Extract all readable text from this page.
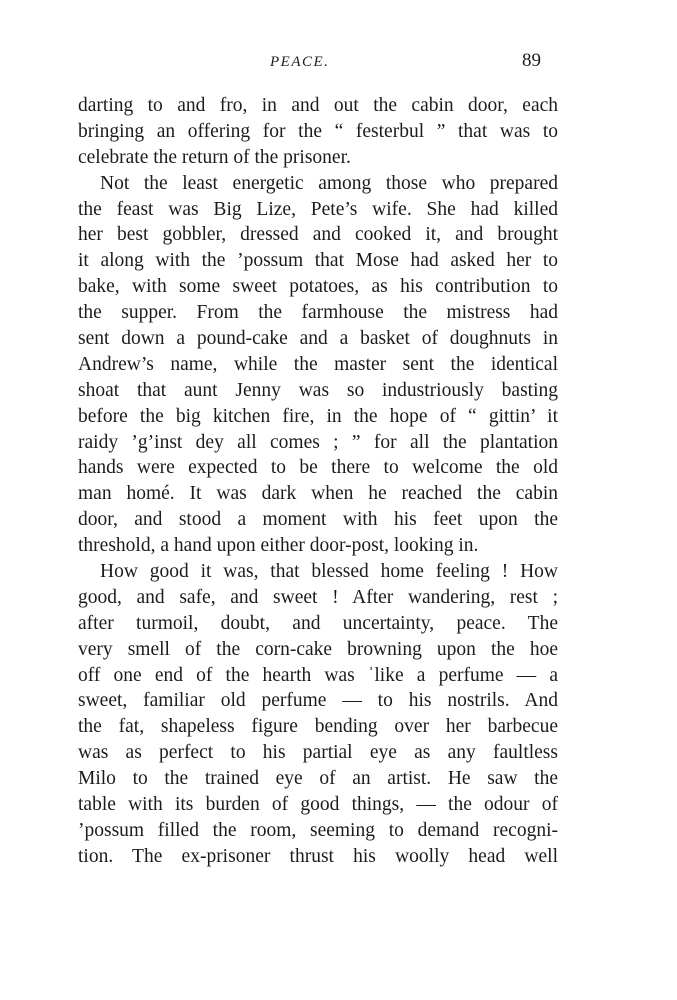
PEACE.	89
darting to and fro, in and out the cabin door, each
bringing an offering for the “ festerbul ” that was to
celebrate the return of the prisoner.
Not the least energetic among those who prepared
the feast was Big Lize, Pete’s wife. She had killed
her best gobbler, dressed and cooked it, and brought
it along with the ’possum that Mose had asked her to
bake, with some sweet potatoes, as his contribution to
the supper. From the farmhouse the mistress had
sent down a pound-cake and a basket of doughnuts in
Andrew’s name, while the master sent the identical
shoat that aunt Jenny was so industriously basting
before the big kitchen fire, in the hope of “ gittin’ it
raidy ’g’inst dey all comes ; ” for all the plantation
hands were expected to be there to welcome the old
man homé. It was dark when he reached the cabin
door, and stood a moment with his feet upon the
threshold, a hand upon either door-post, looking in.
How good it was, that blessed home feeling ! How
good, and safe, and sweet ! After wandering, rest ;
after turmoil, doubt, and uncertainty, peace. The
very smell of the corn-cake browning upon the hoe
off one end of the hearth was ˈlike a perfume — a
sweet, familiar old perfume — to his nostrils. And
the fat, shapeless figure bending over her barbecue
was as perfect to his partial eye as any faultless
Milo to the trained eye of an artist. He saw the
table with its burden of good things, — the odour of
’possum filled the room, seeming to demand recogni-
tion. The ex-prisoner thrust his woolly head well
